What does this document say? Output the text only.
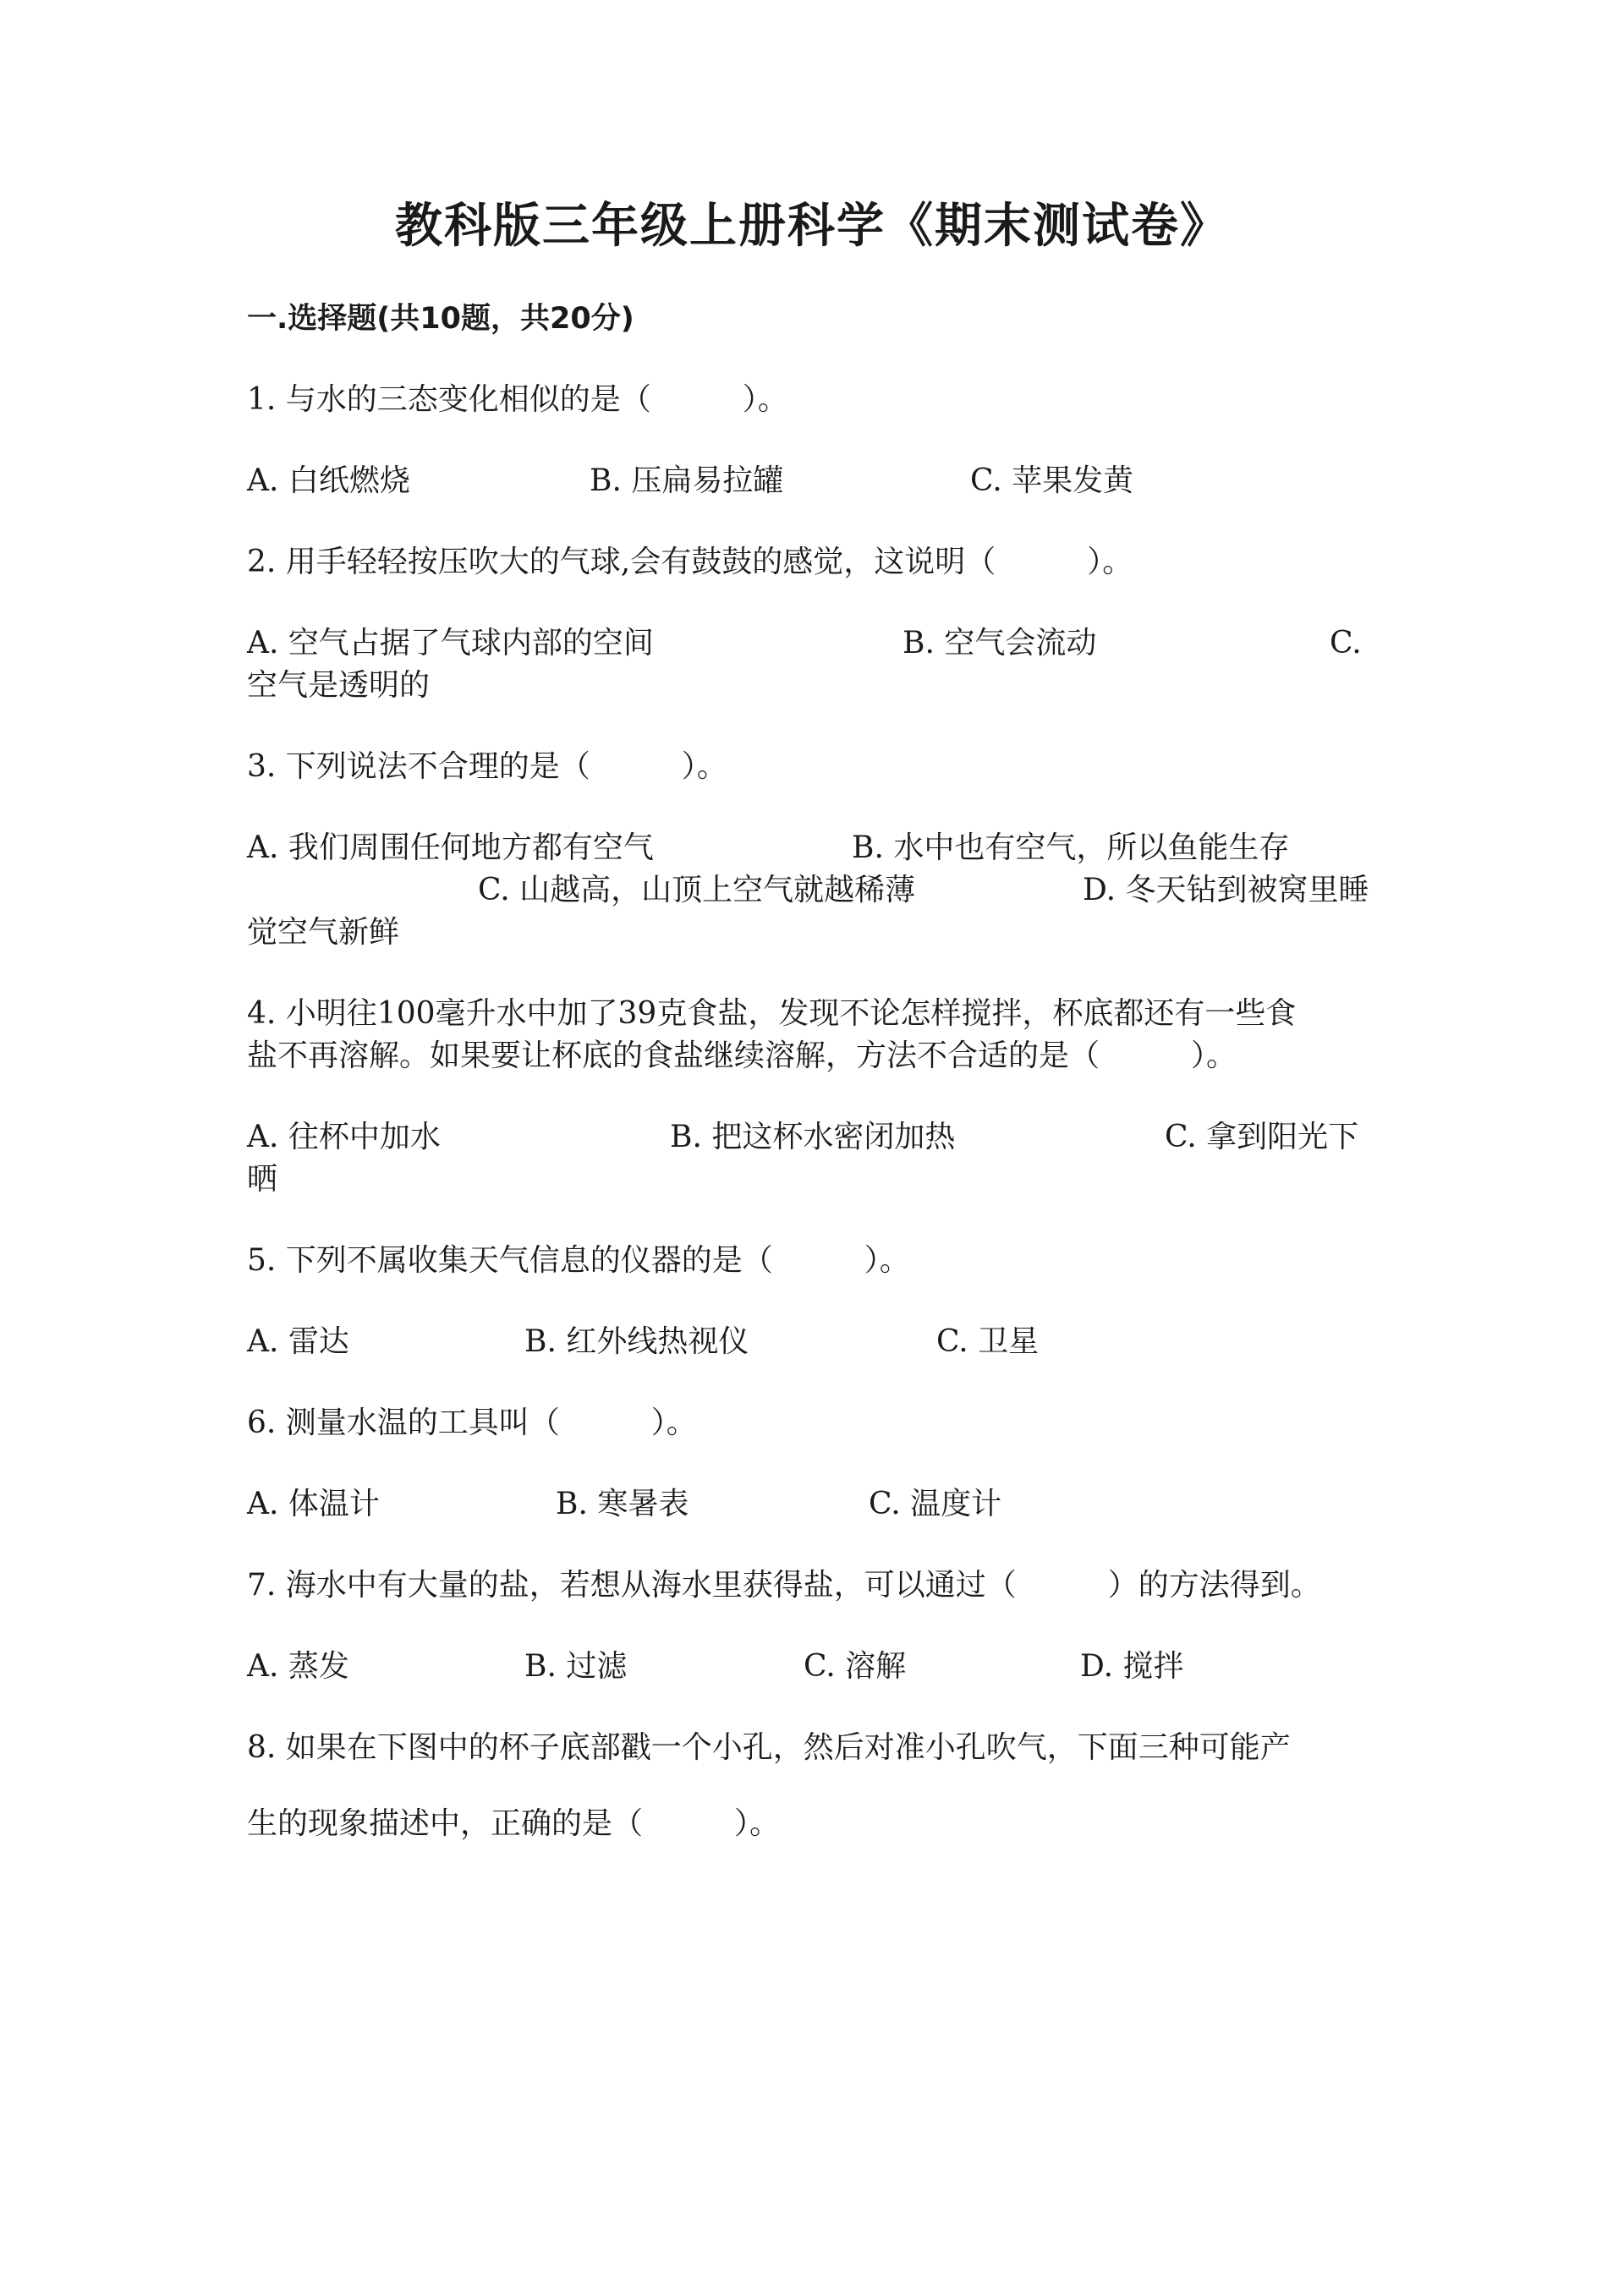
教科版三年级上册科学《期末测试卷》
一.选择题(共10题，共20分)
1. 与水的三态变化相似的是（　　　）。
A. 白纸燃烧	B. 压扁易拉罐	C. 苹果发黄
2. 用手轻轻按压吹大的气球,会有鼓鼓的感觉，这说明（　　　）。
A. 空气占据了气球内部的空间	B. 空气会流动	C.
空气是透明的
3. 下列说法不合理的是（　　　）。
A. 我们周围任何地方都有空气	B. 水中也有空气，所以鱼能生存
C. 山越高，山顶上空气就越稀薄	D. 冬天钻到被窝里睡
觉空气新鲜
4. 小明往100毫升水中加了39克食盐，发现不论怎样搅拌，杯底都还有一些食
盐不再溶解。如果要让杯底的食盐继续溶解，方法不合适的是（　　　）。
A. 往杯中加水	B. 把这杯水密闭加热	C. 拿到阳光下
晒
5. 下列不属收集天气信息的仪器的是（　　　）。
A. 雷达	B. 红外线热视仪	C. 卫星
6. 测量水温的工具叫（　　　）。
A. 体温计	B. 寒暑表	C. 温度计
7. 海水中有大量的盐，若想从海水里获得盐，可以通过（　　　）的方法得到。
A. 蒸发	B. 过滤	C. 溶解	D. 搅拌
8. 如果在下图中的杯子底部戳一个小孔，然后对准小孔吹气，下面三种可能产
生的现象描述中，正确的是（　　　）。
